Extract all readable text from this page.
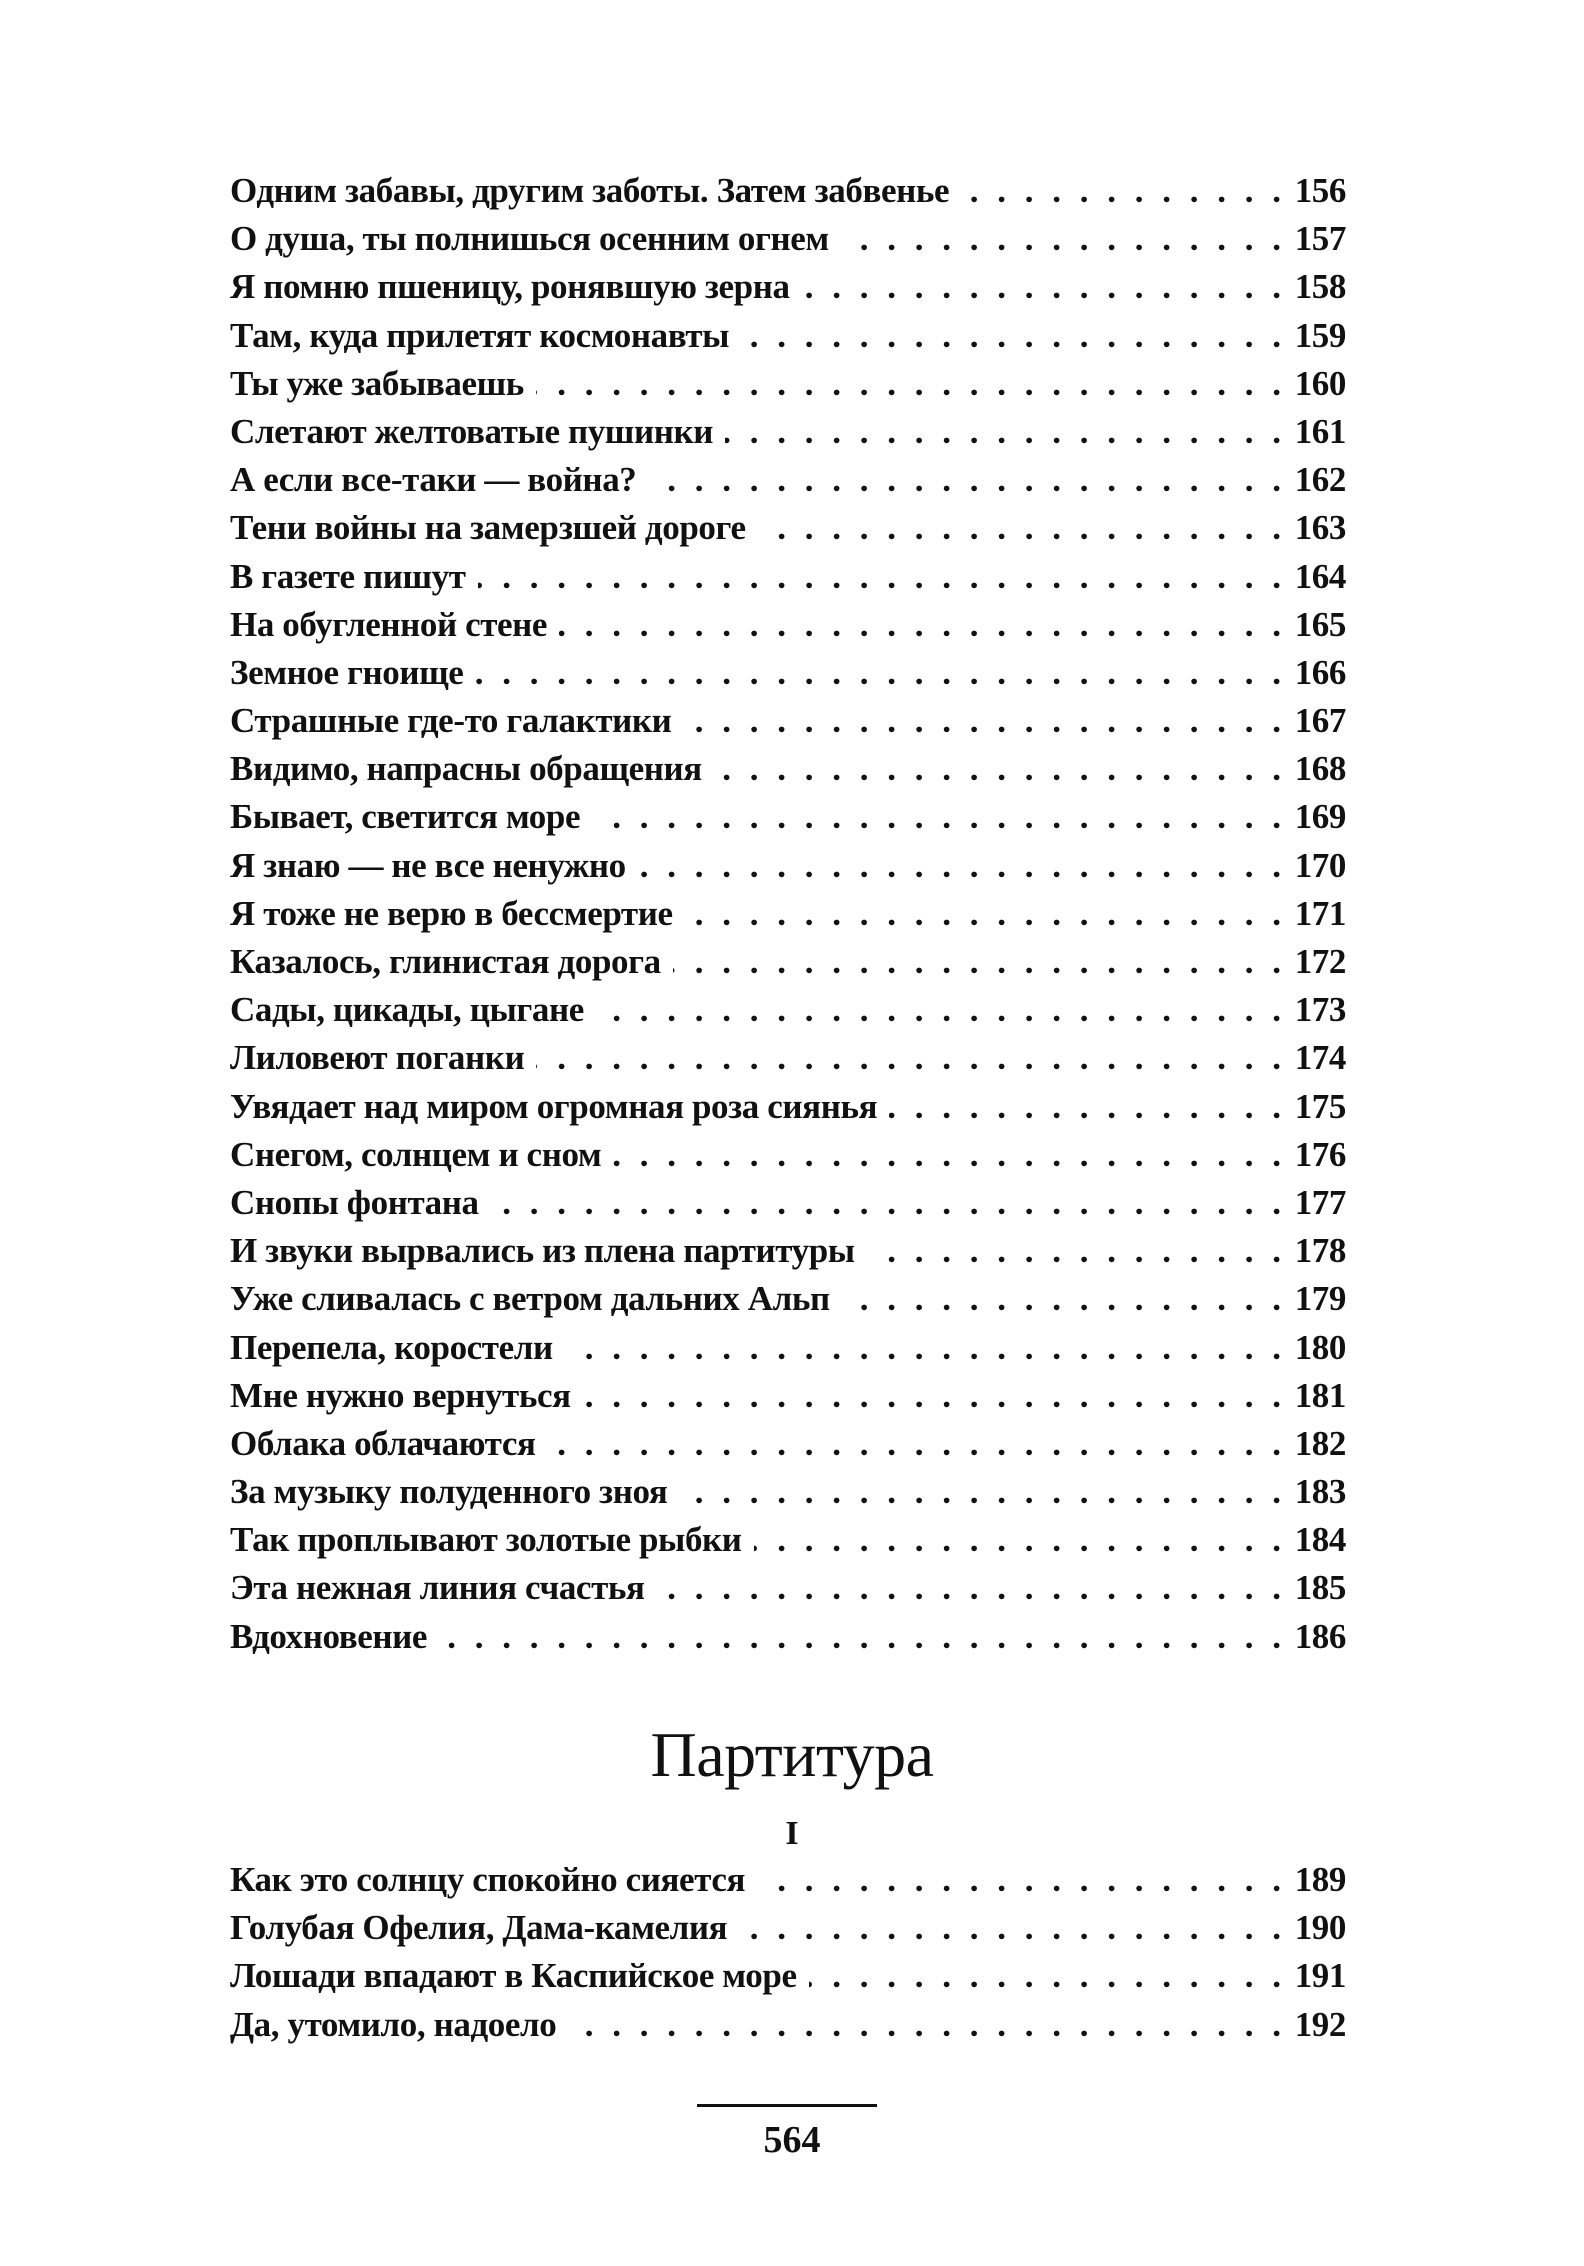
Одним забавы, другим заботы. Затем забвенье . . .	156
О душа, ты полнишься осенним огнем . . .	157
Я помню пшеницу, ронявшую зерна . . .	158
Там, куда прилетят космонавты . . .	159
Ты уже забываешь . . .	160
Слетают желтоватые пушинки . . .	161
А если все-таки — война? . . .	162
Тени войны на замерзшей дороге . . .	163
В газете пишут . . .	164
На обугленной стене . . .	165
Земное гноище . . .	166
Страшные где-то галактики . . .	167
Видимо, напрасны обращения . . .	168
Бывает, светится море . . .	169
Я знаю — не все ненужно . . .	170
Я тоже не верю в бессмертие . . .	171
Казалось, глинистая дорога . . .	172
Сады, цикады, цыгане . . .	173
Лиловеют поганки . . .	174
Увядает над миром огромная роза сиянья . . .	175
Снегом, солнцем и сном . . .	176
Снопы фонтана . . .	177
И звуки вырвались из плена партитуры . . .	178
Уже сливалась с ветром дальних Альп . . .	179
Перепела, коростели . . .	180
Мне нужно вернуться . . .	181
Облака облачаются . . .	182
За музыку полуденного зноя . . .	183
Так проплывают золотые рыбки . . .	184
Эта нежная линия счастья . . .	185
Вдохновение . . .	186
Партитура
I
Как это солнцу спокойно сияется . . .	189
Голубая Офелия, Дама-камелия . . .	190
Лошади впадают в Каспийское море . . .	191
Да, утомило, надоело . . .	192
564
